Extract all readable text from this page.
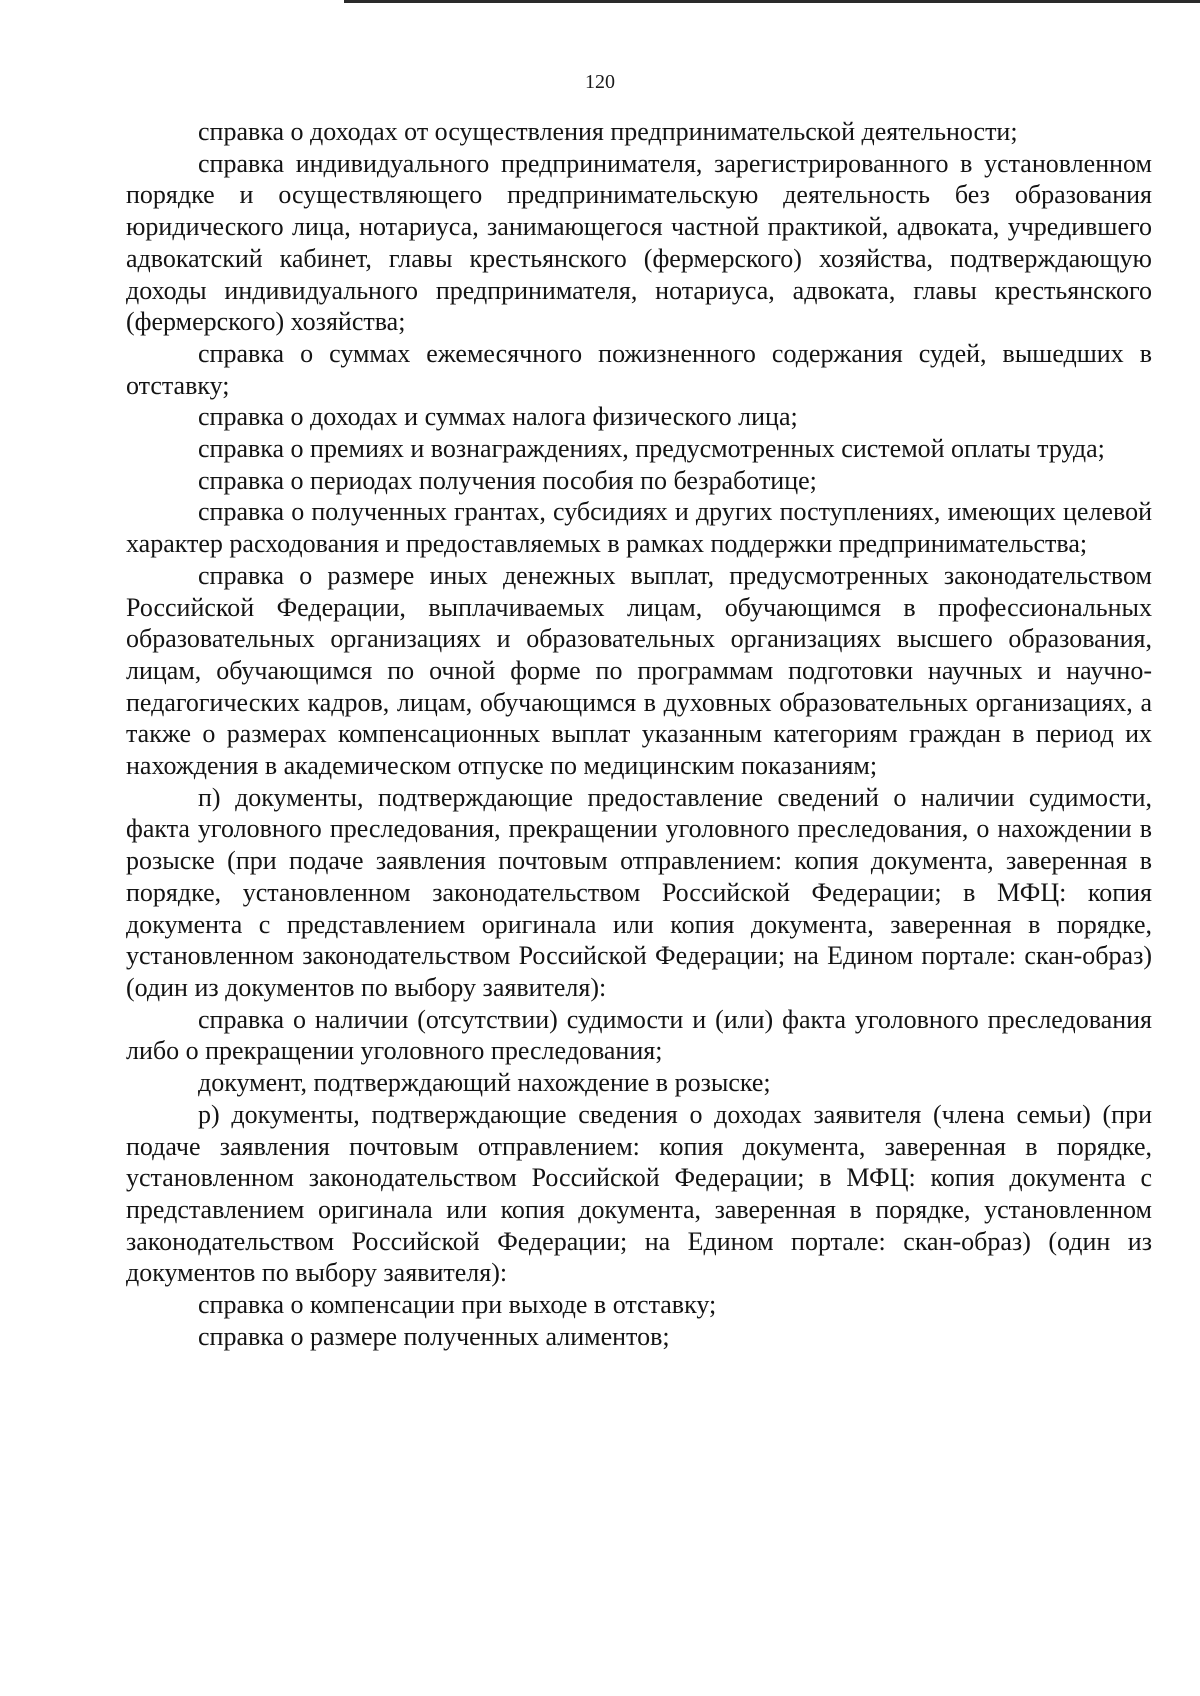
120

справка о доходах от осуществления предпринимательской деятельности;

справка индивидуального предпринимателя, зарегистрированного в установленном порядке и осуществляющего предпринимательскую деятельность без образования юридического лица, нотариуса, занимающегося частной практикой, адвоката, учредившего адвокатский кабинет, главы крестьянского (фермерского) хозяйства, подтверждающую доходы индивидуального предпринимателя, нотариуса, адвоката, главы крестьянского (фермерского) хозяйства;

справка о суммах ежемесячного пожизненного содержания судей, вышедших в отставку;

справка о доходах и суммах налога физического лица;

справка о премиях и вознаграждениях, предусмотренных системой оплаты труда;

справка о периодах получения пособия по безработице;

справка о полученных грантах, субсидиях и других поступлениях, имеющих целевой характер расходования и предоставляемых в рамках поддержки предпринимательства;

справка о размере иных денежных выплат, предусмотренных законодательством Российской Федерации, выплачиваемых лицам, обучающимся в профессиональных образовательных организациях и образовательных организациях высшего образования, лицам, обучающимся по очной форме по программам подготовки научных и научно-педагогических кадров, лицам, обучающимся в духовных образовательных организациях, а также о размерах компенсационных выплат указанным категориям граждан в период их нахождения в академическом отпуске по медицинским показаниям;

п) документы, подтверждающие предоставление сведений о наличии судимости, факта уголовного преследования, прекращении уголовного преследования, о нахождении в розыске (при подаче заявления почтовым отправлением: копия документа, заверенная в порядке, установленном законодательством Российской Федерации; в МФЦ: копия документа с представлением оригинала или копия документа, заверенная в порядке, установленном законодательством Российской Федерации; на Едином портале: скан-образ) (один из документов по выбору заявителя):

справка о наличии (отсутствии) судимости и (или) факта уголовного преследования либо о прекращении уголовного преследования;

документ, подтверждающий нахождение в розыске;

р) документы, подтверждающие сведения о доходах заявителя (члена семьи) (при подаче заявления почтовым отправлением: копия документа, заверенная в порядке, установленном законодательством Российской Федерации; в МФЦ: копия документа с представлением оригинала или копия документа, заверенная в порядке, установленном законодательством Российской Федерации; на Едином портале: скан-образ) (один из документов по выбору заявителя):

справка о компенсации при выходе в отставку;

справка о размере полученных алиментов;
